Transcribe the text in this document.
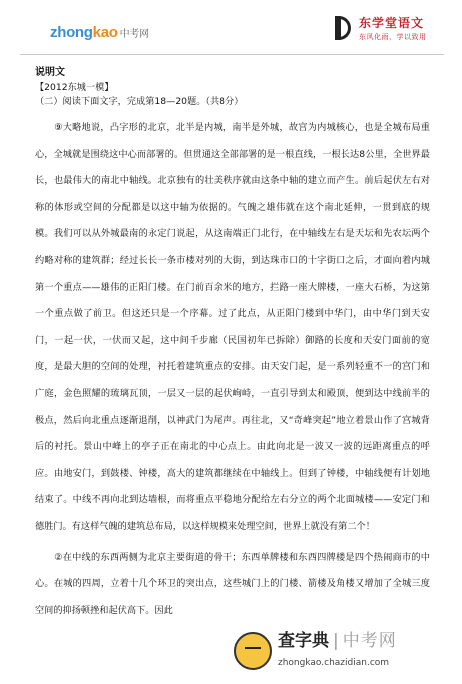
zhongkao 中考网
东学堂语文
东风化雨，学以致用
说明文
【2012东城一模】
（二）阅读下面文字，完成第18—20题。（共8分）

⑨大略地说，凸字形的北京，北半是内城，南半是外城，故宫为内城核心，也是全城布局重心，全城就是围绕这中心而部署的。但贯通这全部部署的是一根直线，一根长达8公里，全世界最长，也最伟大的南北中轴线。北京独有的壮美秩序就由这条中轴的建立而产生。前后起伏左右对称的体形或空间的分配都是以这中轴为依据的。气魄之雄伟就在这个南北延伸，一贯到底的规模。我们可以从外城最南的永定门说起，从这南端正门北行，在中轴线左右是天坛和先农坛两个约略对称的建筑群；经过长长一条市楼对列的大街，到达珠市口的十字街口之后，才面向着内城第一个重点——雄伟的正阳门楼。在门前百余米的地方，拦路一座大牌楼，一座大石桥，为这第一个重点做了前卫。但这还只是一个序幕。过了此点，从正阳门楼到中华门，由中华门到天安门，一起一伏，一伏而又起，这中间千步廊（民国初年已拆除）御路的长度和天安门面前的宽度，是最大胆的空间的处理，衬托着建筑重点的安排。由天安门起，是一系列轻重不一的宫门和广庭，金色照耀的琉璃瓦顶，一层又一层的起伏峋峙，一直引导到太和殿顶，便到达中线前半的极点，然后向北重点逐渐退削，以神武门为尾声。再往北，又“奇峰突起”地立着景山作了宫城背后的衬托。景山中峰上的亭子正在南北的中心点上。由此向北是一波又一波的远距离重点的呼应。由地安门，到鼓楼、钟楼，高大的建筑都继续在中轴线上。但到了钟楼，中轴线便有计划地结束了。中线不再向北到达墙根，而将重点平稳地分配给左右分立的两个北面城楼——安定门和德胜门。有这样气魄的建筑总布局，以这样规模来处理空间，世界上就没有第二个！

②在中线的东西两侧为北京主要街道的骨干；东西单牌楼和东西四牌楼是四个热闹商市的中心。在城的四周，立着十几个环卫的突出点，这些城门上的门楼、箭楼及角楼又增加了全城三度空间的抑扬顿挫和起伏高下。因此

查字典 | 中考网
zhongkao.chazidian.com
